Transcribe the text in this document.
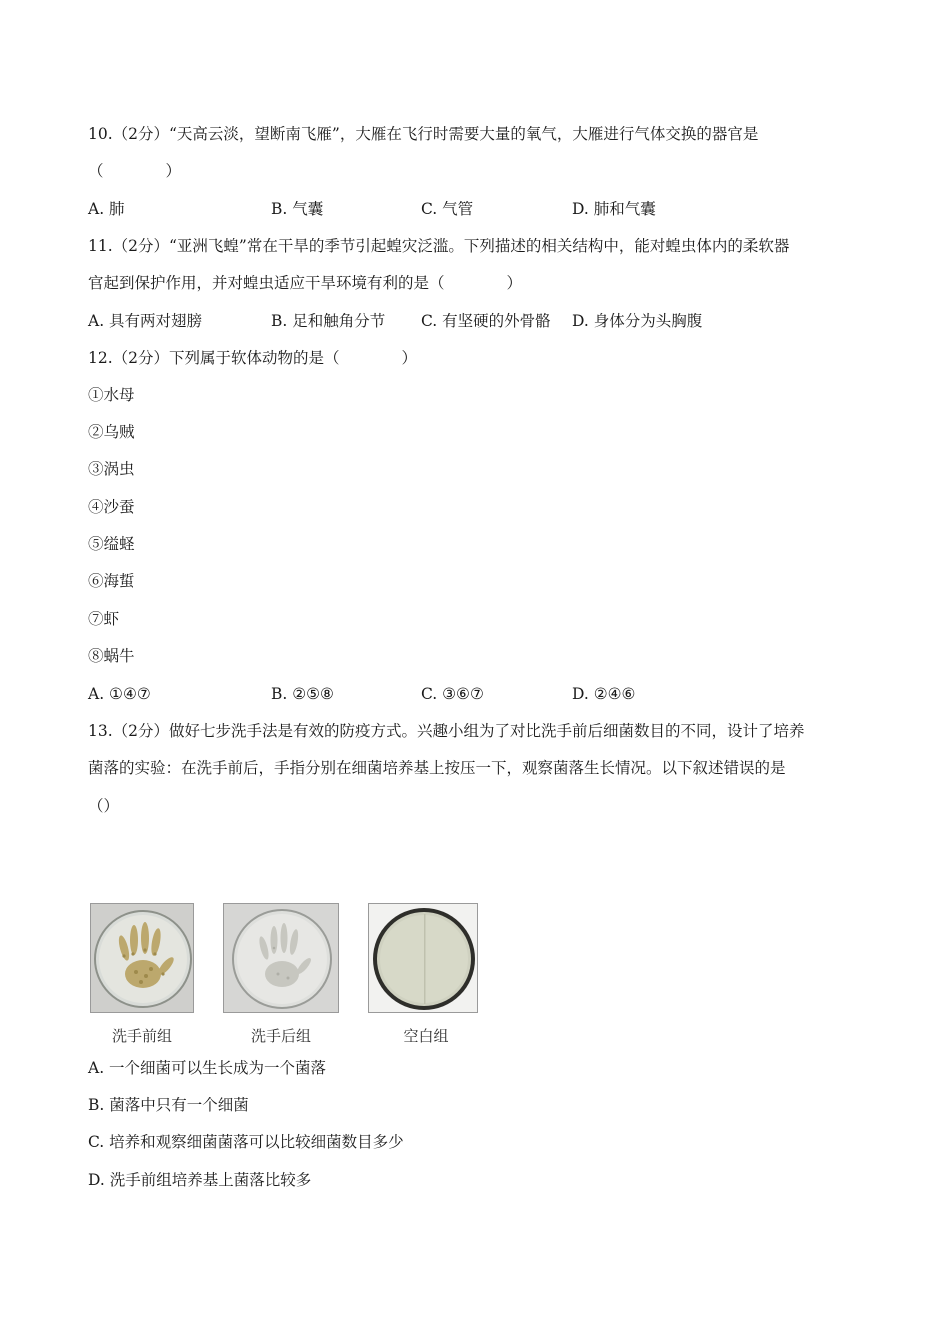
10.（2分）“天高云淡，望断南飞雁”，大雁在飞行时需要大量的氧气，大雁进行气体交换的器官是
（　　　　）
A. 肺	B. 气囊	C. 气管	D. 肺和气囊
11.（2分）“亚洲飞蝗”常在干旱的季节引起蝗灾泛滥。下列描述的相关结构中，能对蝗虫体内的柔软器
官起到保护作用，并对蝗虫适应干旱环境有利的是（　　　　）
A. 具有两对翅膀	B. 足和触角分节 C. 有坚硬的外骨骼 D. 身体分为头胸腹
12.（2分）下列属于软体动物的是（　　　　）
①水母
②乌贼
③涡虫
④沙蚕
⑤缢蛏
⑥海蜇
⑦虾
⑧蜗牛
A. ①④⑦	B. ②⑤⑧	C. ③⑥⑦	D. ②④⑥
13.（2分）做好七步洗手法是有效的防疫方式。兴趣小组为了对比洗手前后细菌数目的不同，设计了培养
菌落的实验：在洗手前后，手指分别在细菌培养基上按压一下，观察菌落生长情况。以下叙述错误的是
（）
洗手前组	洗手后组	空白组
A. 一个细菌可以生长成为一个菌落
B. 菌落中只有一个细菌
C. 培养和观察细菌菌落可以比较细菌数目多少
D. 洗手前组培养基上菌落比较多
